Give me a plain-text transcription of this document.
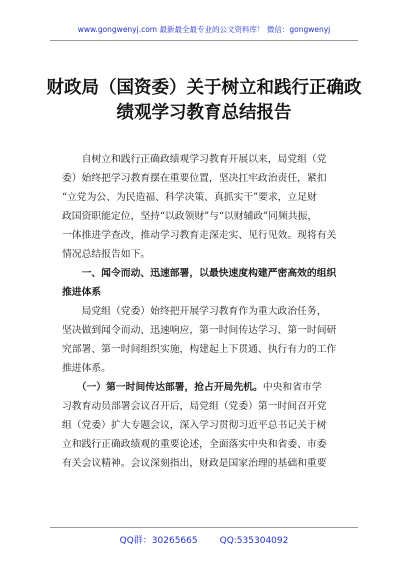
www.gongwenyj.com 最新最全最专业的公文资料库！ 微信：gongwenyj
财政局（国资委）关于树立和践行正确政
绩观学习教育总结报告
　　自树立和践行正确政绩观学习教育开展以来，局党组（党
委）始终把学习教育摆在重要位置，坚决扛牢政治责任，紧扣
“立党为公、为民造福、科学决策、真抓实干”要求，立足财
政国资职能定位，坚持“以政领财”与“以财辅政”同频共振，
一体推进学查改，推动学习教育走深走实、见行见效。现将有关
情况总结报告如下。
　　一、闻令而动、迅速部署，以最快速度构建严密高效的组织
推进体系
　　局党组（党委）始终把开展学习教育作为重大政治任务，
坚决做到闻令而动、迅速响应，第一时间传达学习、第一时间研
究部署、第一时间组织实施，构建起上下贯通、执行有力的工作
推进体系。
　　（一）第一时间传达部署，抢占开局先机。中央和省市学
习教育动员部署会议召开后，局党组（党委）第一时间召开党
组（党委）扩大专题会议，深入学习贯彻习近平总书记关于树
立和践行正确政绩观的重要论述，全面落实中央和省委、市委
有关会议精神。会议深刻指出，财政是国家治理的基础和重要
QQ群：30265665 QQ:535304092
